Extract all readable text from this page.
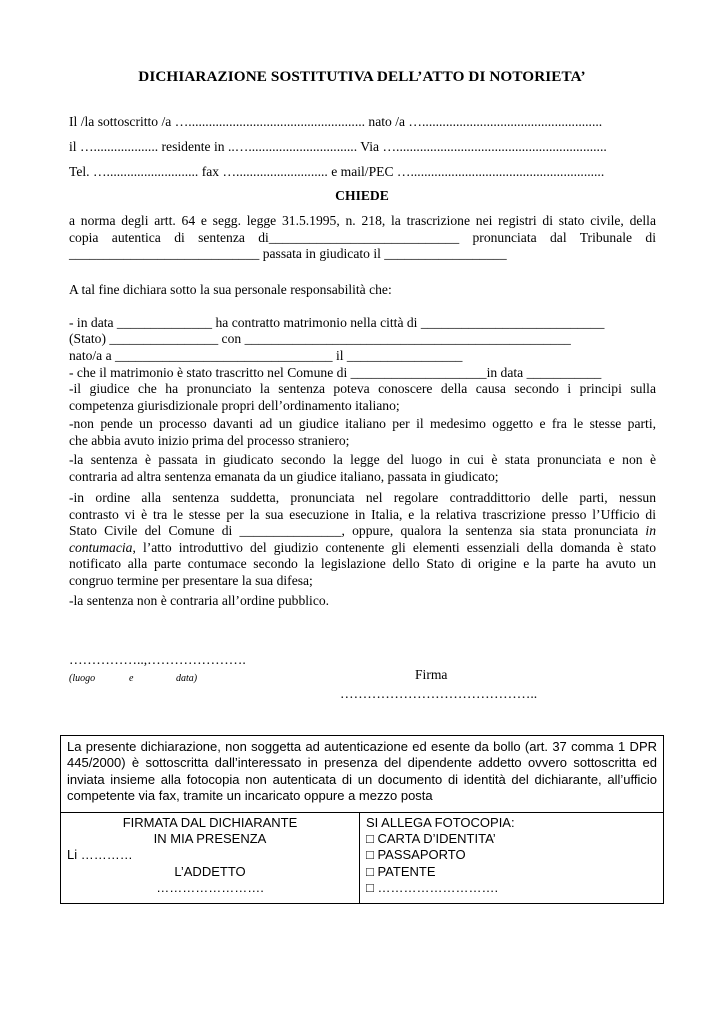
DICHIARAZIONE SOSTITUTIVA DELL’ATTO DI NOTORIETA’
Il /la sottoscritto /a ….................................................... nato /a ….....................................................
il …................... residente in ..…................................ Via …..............................................................
Tel. …........................... fax …........................... e mail/PEC ….........................................................
CHIEDE
a norma degli artt. 64 e segg. legge 31.5.1995, n. 218, la trascrizione nei registri di stato civile, della
copia autentica di sentenza di____________________________ pronunciata dal Tribunale di
____________________________ passata in giudicato il __________________
A tal fine dichiara sotto la sua personale responsabilità che:
- in data ______________ ha contratto matrimonio nella città di ___________________________
(Stato) ________________ con ________________________________________________
nato/a a ________________________________ il _________________
- che il matrimonio è stato trascritto nel Comune di ____________________in data ___________
-il giudice che ha pronunciato la sentenza poteva conoscere della causa secondo i principi sulla
competenza giurisdizionale propri dell’ordinamento italiano;
-non pende un processo davanti ad un giudice italiano per il medesimo oggetto e fra le stesse parti,
che abbia avuto inizio prima del processo straniero;
-la sentenza è passata in giudicato secondo la legge del luogo in cui è stata pronunciata e non è
contraria ad altra sentenza emanata da un giudice italiano, passata in giudicato;
-in ordine alla sentenza suddetta, pronunciata nel regolare contraddittorio delle parti, nessun
contrasto vi è tra le stesse per la sua esecuzione in Italia, e la relativa trascrizione presso l’Ufficio di
Stato Civile del Comune di _______________, oppure, qualora la sentenza sia stata pronunciata in
contumacia, l’atto introduttivo del giudizio contenente gli elementi essenziali della domanda è stato
notificato alla parte contumace secondo la legislazione dello Stato di origine e la parte ha avuto un
congruo termine per presentare la sua difesa;
-la sentenza non è contraria all’ordine pubblico.
……………..,………………….
(luogo	e	data)	Firma
……………………………………..
La presente dichiarazione, non soggetta ad autenticazione ed esente da bollo (art. 37 comma 1 DPR
445/2000) è sottoscritta dall’interessato in presenza del dipendente addetto ovvero sottoscritta ed
inviata insieme alla fotocopia non autenticata di un documento di identità del dichiarante, all’ufficio
competente via fax, tramite un incaricato oppure a mezzo posta
FIRMATA DAL DICHIARANTE
IN MIA PRESENZA
Li …………
L’ADDETTO
…………………….
SI ALLEGA FOTOCOPIA:
□ CARTA D’IDENTITA’
□ PASSAPORTO
□ PATENTE
□ ……………………….
